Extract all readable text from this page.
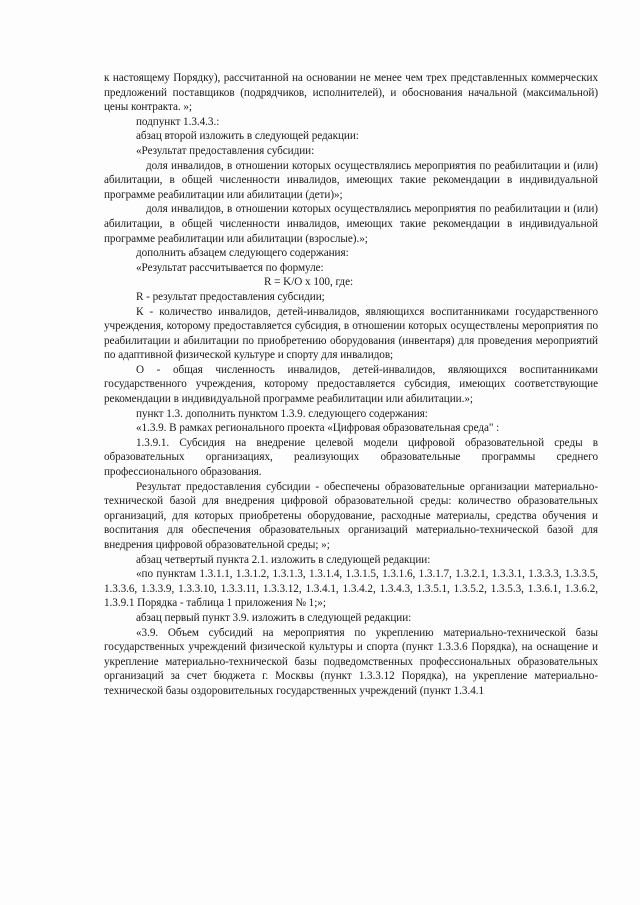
к настоящему Порядку), рассчитанной на основании не менее чем трех представленных коммерческих предложений поставщиков (подрядчиков, исполнителей), и обоснования начальной (максимальной) цены контракта. »;

подпункт 1.3.4.3.:

абзац второй изложить в следующей редакции:

«Результат предоставления субсидии:

доля инвалидов, в отношении которых осуществлялись мероприятия по реабилитации и (или) абилитации, в общей численности инвалидов, имеющих такие рекомендации в индивидуальной программе реабилитации или абилитации (дети)»;

доля инвалидов, в отношении которых осуществлялись мероприятия по реабилитации и (или) абилитации, в общей численности инвалидов, имеющих такие рекомендации в индивидуальной программе реабилитации или абилитации (взрослые).»;

дополнить абзацем следующего содержания:

«Результат рассчитывается по формуле:

R = K/O x 100, где:

R - результат предоставления субсидии;

К - количество инвалидов, детей-инвалидов, являющихся воспитанниками государственного учреждения, которому предоставляется субсидия, в отношении которых осуществлены мероприятия по реабилитации и абилитации по приобретению оборудования (инвентаря) для проведения мероприятий по адаптивной физической культуре и спорту для инвалидов;

О - общая численность инвалидов, детей-инвалидов, являющихся воспитанниками государственного учреждения, которому предоставляется субсидия, имеющих соответствующие рекомендации в индивидуальной программе реабилитации или абилитации.»;

пункт 1.3. дополнить пунктом 1.3.9. следующего содержания:

«1.3.9. В рамках регионального проекта «Цифровая образовательная среда" :

1.3.9.1. Субсидия на внедрение целевой модели цифровой образовательной среды в образовательных организациях, реализующих образовательные программы среднего профессионального образования.

Результат предоставления субсидии - обеспечены образовательные организации материально-технической базой для внедрения цифровой образовательной среды: количество образовательных организаций, для которых приобретены оборудование, расходные материалы, средства обучения и воспитания для обеспечения образовательных организаций материально-технической базой для внедрения цифровой образовательной среды; »;

абзац четвертый пункта 2.1. изложить в следующей редакции:

«по пунктам 1.3.1.1, 1.3.1.2, 1.3.1.3, 1.3.1.4, 1.3.1.5, 1.3.1.6, 1.3.1.7, 1.3.2.1, 1.3.3.1, 1.3.3.3, 1.3.3.5, 1.3.3.6, 1.3.3.9, 1.3.3.10, 1.3.3.11, 1.3.3.12, 1.3.4.1, 1.3.4.2, 1.3.4.3, 1.3.5.1, 1.3.5.2, 1.3.5.3, 1.3.6.1, 1.3.6.2, 1.3.9.1 Порядка - таблица 1 приложения № 1;»;

абзац первый пункт 3.9. изложить в следующей редакции:

«3.9. Объем субсидий на мероприятия по укреплению материально-технической базы государственных учреждений физической культуры и спорта (пункт 1.3.3.6 Порядка), на оснащение и укрепление материально-технической базы подведомственных профессиональных образовательных организаций за счет бюджета г. Москвы (пункт 1.3.3.12 Порядка), на укрепление материально-технической базы оздоровительных государственных учреждений (пункт 1.3.4.1
